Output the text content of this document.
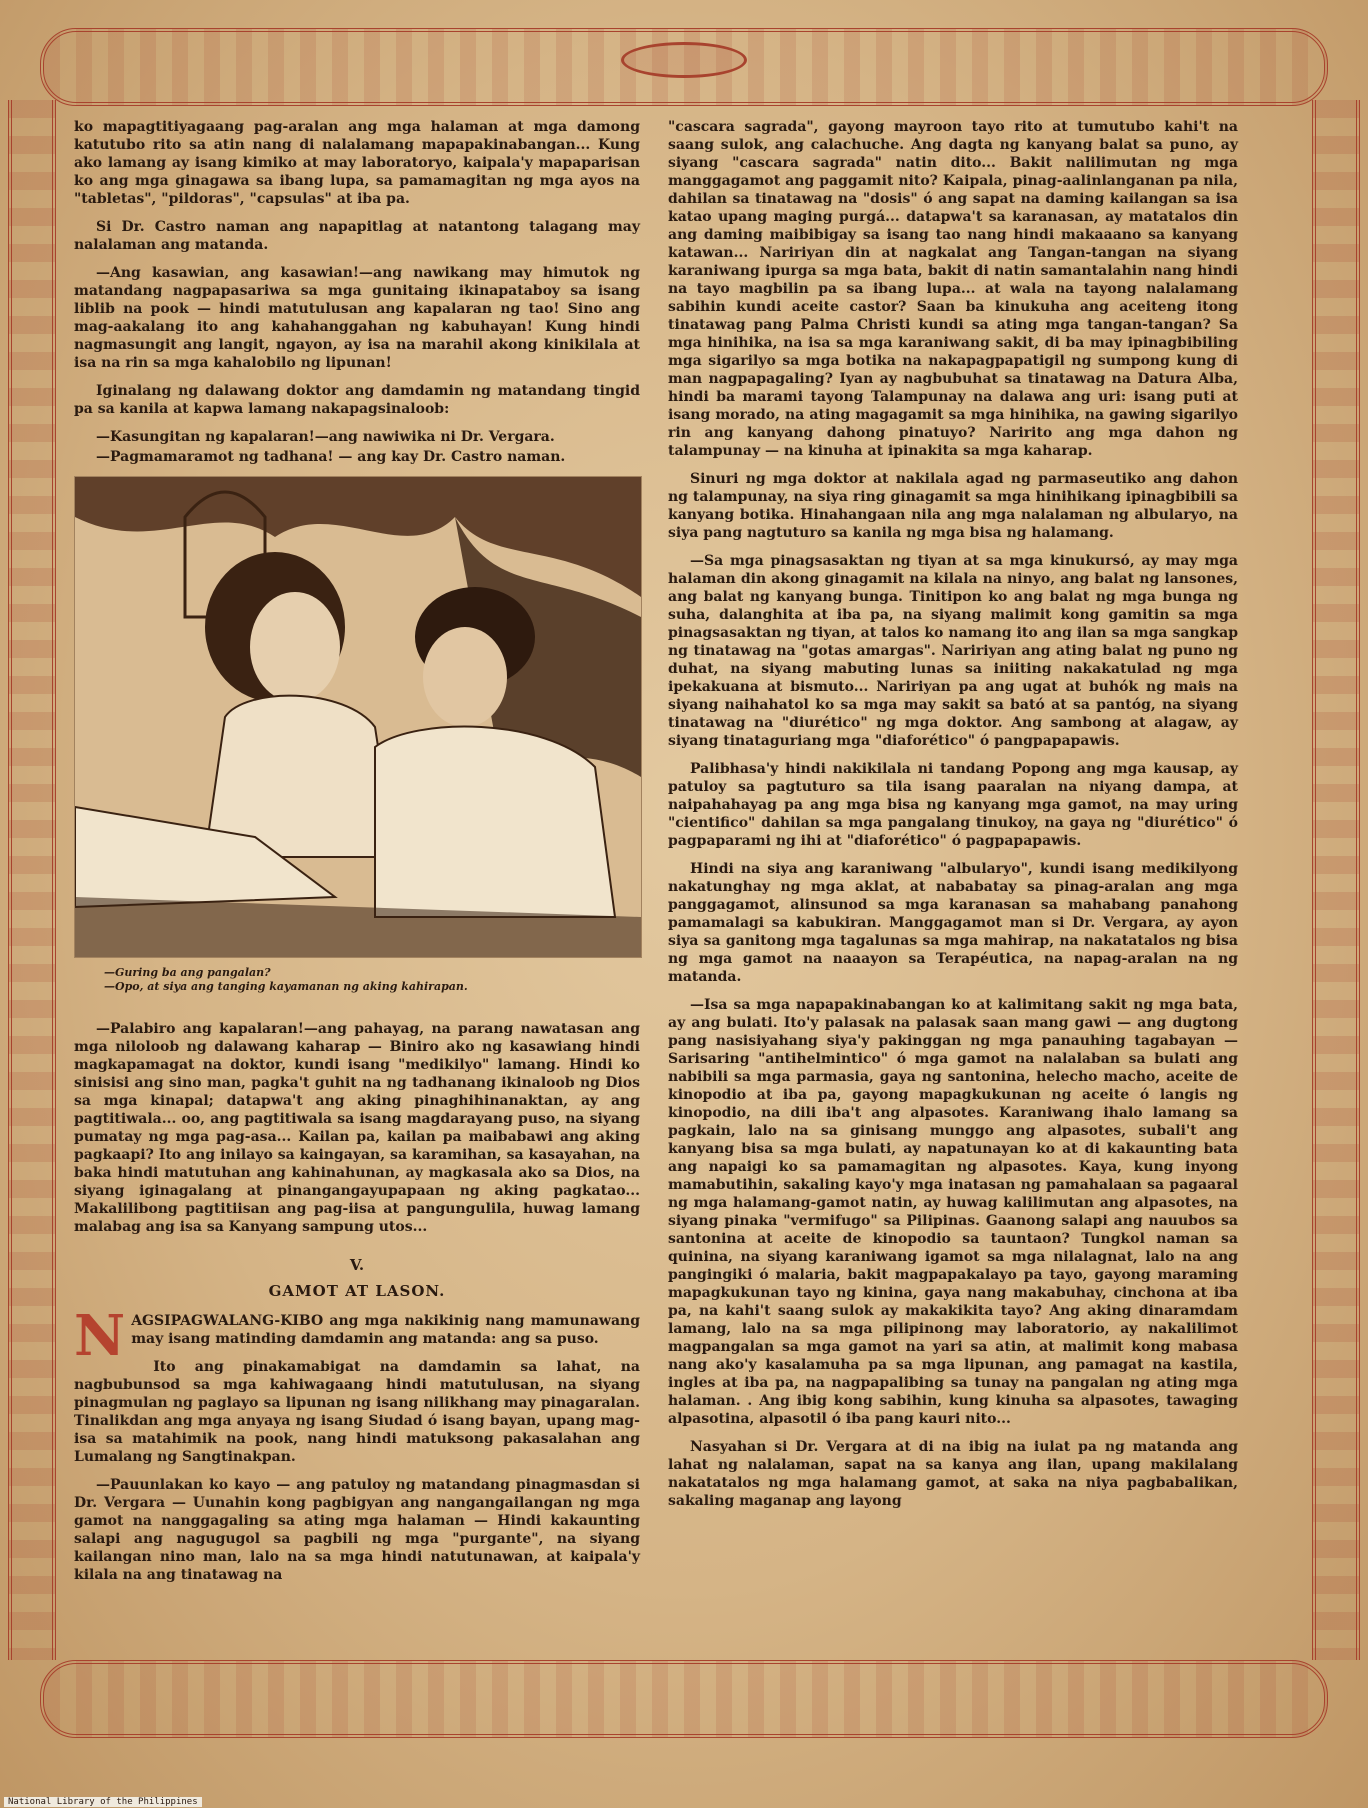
ko mapagtitiyagaang pag-aralan ang mga halaman at mga damong katutubo rito sa atin nang di nalalamang mapapakinabangan... Kung ako lamang ay isang kimiko at may laboratoryo, kaipala'y mapaparisan ko ang mga ginagawa sa ibang lupa, sa pamamagitan ng mga ayos na "tabletas", "pildoras", "capsulas" at iba pa.

Si Dr. Castro naman ang napapitlag at natantong talagang may nalalaman ang matanda.

—Ang kasawian, ang kasawian!—ang nawikang may himutok ng matandang nagpapasariwa sa mga gunitaing ikinapataboy sa isang liblib na pook — hindi matutulusan ang kapalaran ng tao! Sino ang mag-aakalang ito ang kahahanggahan ng kabuhayan! Kung hindi nagmasungit ang langit, ngayon, ay isa na marahil akong kinikilala at isa na rin sa mga kahalobilo ng lipunan!

Iginalang ng dalawang doktor ang damdamin ng matandang tingid pa sa kanila at kapwa lamang nakapagsinaloob:

—Kasungitan ng kapalaran!—ang nawiwika ni Dr. Vergara.

—Pagmamaramot ng tadhana! — ang kay Dr. Castro naman.

—Guring ba ang pangalan?
—Opo, at siya ang tanging kayamanan ng aking kahirapan.

—Palabiro ang kapalaran!—ang pahayag, na parang nawatasan ang mga niloloob ng dalawang kaharap — Biniro ako ng kasawiang hindi magkapamagat na doktor, kundi isang "medikilyo" lamang. Hindi ko sinisisi ang sino man, pagka't guhit na ng tadhanang ikinaloob ng Dios sa mga kinapal; datapwa't ang aking pinaghihinanaktan, ay ang pagtitiwala... oo, ang pagtitiwala sa isang magdarayang puso, na siyang pumatay ng mga pag-asa... Kailan pa, kailan pa maibabawi ang aking pagkaapi? Ito ang inilayo sa kaingayan, sa karamihan, sa kasayahan, na baka hindi matutuhan ang kahinahunan, ay magkasala ako sa Dios, na siyang iginagalang at pinangangayupapaan ng aking pagkatao... Makalilibong pagtitiisan ang pag-iisa at pangungulila, huwag lamang malabag ang isa sa Kanyang sampung utos...

V.
GAMOT AT LASON.

NAGSIPAGWALANG-KIBO ang mga nakikinig nang mamunawang may isang matinding damdamin ang matanda: ang sa puso.

Ito ang pinakamabigat na damdamin sa lahat, na nagbubunsod sa mga kahiwagaang hindi matutulusan, na siyang pinagmulan ng paglayo sa lipunan ng isang nilikhang may pinagaralan. Tinalikdan ang mga anyaya ng isang Siudad ó isang bayan, upang mag-isa sa matahimik na pook, nang hindi matuksong pakasalahan ang Lumalang ng Sangtinakpan.

—Pauunlakan ko kayo — ang patuloy ng matandang pinagmasdan si Dr. Vergara — Uunahin kong pagbigyan ang nangangailangan ng mga gamot na nanggagaling sa ating mga halaman — Hindi kakaunting salapi ang nagugugol sa pagbili ng mga "purgante", na siyang kailangan nino man, lalo na sa mga hindi natutunawan, at kaipala'y kilala na ang tinatawag na

"cascara sagrada", gayong mayroon tayo rito at tumutubo kahi't na saang sulok, ang calachuche. Ang dagta ng kanyang balat sa puno, ay siyang "cascara sagrada" natin dito... Bakit nalilimutan ng mga manggagamot ang paggamit nito? Kaipala, pinag-aalinlanganan pa nila, dahilan sa tinatawag na "dosis" ó ang sapat na daming kailangan sa isa katao upang maging purgá... datapwa't sa karanasan, ay matatalos din ang daming maibibigay sa isang tao nang hindi makaaano sa kanyang katawan... Naririyan din at nagkalat ang Tangan-tangan na siyang karaniwang ipurga sa mga bata, bakit di natin samantalahin nang hindi na tayo magbilin pa sa ibang lupa... at wala na tayong nalalamang sabihin kundi aceite castor? Saan ba kinukuha ang aceiteng itong tinatawag pang Palma Christi kundi sa ating mga tangan-tangan? Sa mga hinihika, na isa sa mga karaniwang sakit, di ba may ipinagbibiling mga sigarilyo sa mga botika na nakapagpapatigil ng sumpong kung di man nagpapagaling? Iyan ay nagbubuhat sa tinatawag na Datura Alba, hindi ba marami tayong Talampunay na dalawa ang uri: isang puti at isang morado, na ating magagamit sa mga hinihika, na gawing sigarilyo rin ang kanyang dahong pinatuyo? Naririto ang mga dahon ng talampunay — na kinuha at ipinakita sa mga kaharap.

Sinuri ng mga doktor at nakilala agad ng parmaseutiko ang dahon ng talampunay, na siya ring ginagamit sa mga hinihikang ipinagbibili sa kanyang botika. Hinahangaan nila ang mga nalalaman ng albularyo, na siya pang nagtuturo sa kanila ng mga bisa ng halamang.

—Sa mga pinagsasaktan ng tiyan at sa mga kinukursó, ay may mga halaman din akong ginagamit na kilala na ninyo, ang balat ng lansones, ang balat ng kanyang bunga. Tinitipon ko ang balat ng mga bunga ng suha, dalanghita at iba pa, na siyang malimit kong gamitin sa mga pinagsasaktan ng tiyan, at talos ko namang ito ang ilan sa mga sangkap ng tinatawag na "gotas amargas". Naririyan ang ating balat ng puno ng duhat, na siyang mabuting lunas sa iniiting nakakatulad ng mga ipekakuana at bismuto... Naririyan pa ang ugat at buhók ng mais na siyang naihahatol ko sa mga may sakit sa bató at sa pantóg, na siyang tinatawag na "diurético" ng mga doktor. Ang sambong at alagaw, ay siyang tinataguriang mga "diaforético" ó pangpapapawis.

Palibhasa'y hindi nakikilala ni tandang Popong ang mga kausap, ay patuloy sa pagtuturo sa tila isang paaralan na niyang dampa, at naipahahayag pa ang mga bisa ng kanyang mga gamot, na may uring "cientifico" dahilan sa mga pangalang tinukoy, na gaya ng "diurético" ó pagpaparami ng ihi at "diaforético" ó pagpapapawis.

Hindi na siya ang karaniwang "albularyo", kundi isang medikilyong nakatunghay ng mga aklat, at nababatay sa pinag-aralan ang mga panggagamot, alinsunod sa mga karanasan sa mahabang panahong pamamalagi sa kabukiran. Manggagamot man si Dr. Vergara, ay ayon siya sa ganitong mga tagalunas sa mga mahirap, na nakatatalos ng bisa ng mga gamot na naaayon sa Terapéutica, na napag-aralan na ng matanda.

—Isa sa mga napapakinabangan ko at kalimitang sakit ng mga bata, ay ang bulati. Ito'y palasak na palasak saan mang gawi — ang dugtong pang nasisiyahang siya'y pakinggan ng mga panauhing tagabayan — Sarisaring "antihelmintico" ó mga gamot na nalalaban sa bulati ang nabibili sa mga parmasia, gaya ng santonina, helecho macho, aceite de kinopodio at iba pa, gayong mapagkukunan ng aceite ó langis ng kinopodio, na dili iba't ang alpasotes. Karaniwang ihalo lamang sa pagkain, lalo na sa ginisang munggo ang alpasotes, subali't ang kanyang bisa sa mga bulati, ay napatunayan ko at di kakaunting bata ang napaigi ko sa pamamagitan ng alpasotes. Kaya, kung inyong mamabutihin, sakaling kayo'y mga inatasan ng pamahalaan sa pagaaral ng mga halamang-gamot natin, ay huwag kalilimutan ang alpasotes, na siyang pinaka "vermifugo" sa Pilipinas. Gaanong salapi ang nauubos sa santonina at aceite de kinopodio sa tauntaon? Tungkol naman sa quinina, na siyang karaniwang igamot sa mga nilalagnat, lalo na ang pangingiki ó malaria, bakit magpapakalayo pa tayo, gayong maraming mapagkukunan tayo ng kinina, gaya nang makabuhay, cinchona at iba pa, na kahi't saang sulok ay makakikita tayo? Ang aking dinaramdam lamang, lalo na sa mga pilipinong may laboratorio, ay nakalilimot magpangalan sa mga gamot na yari sa atin, at malimit kong mabasa nang ako'y kasalamuha pa sa mga lipunan, ang pamagat na kastila, ingles at iba pa, na nagpapalibing sa tunay na pangalan ng ating mga halaman. . Ang ibig kong sabihin, kung kinuha sa alpasotes, tawaging alpasotina, alpasotil ó iba pang kauri nito...

Nasyahan si Dr. Vergara at di na ibig na iulat pa ng matanda ang lahat ng nalalaman, sapat na sa kanya ang ilan, upang makilalang nakatatalos ng mga halamang gamot, at saka na niya pagbabalikan, sakaling maganap ang layong

National Library of the Philippines
